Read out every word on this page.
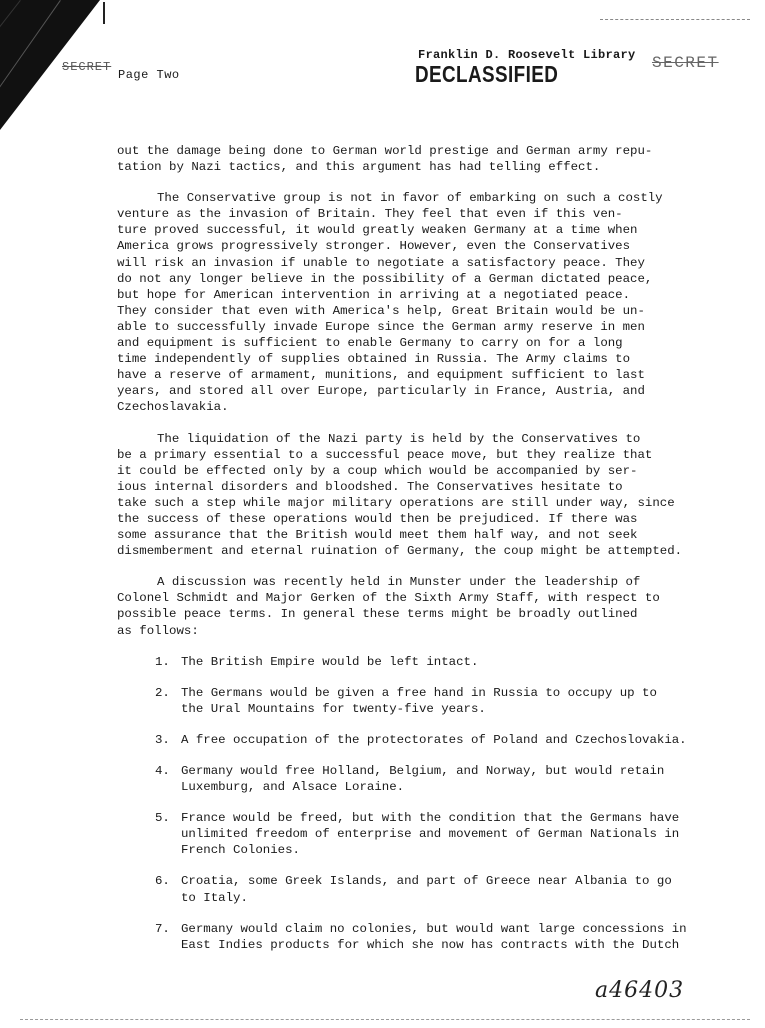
SECRET
Page Two
Franklin D. Roosevelt Library
DECLASSIFIED	SECRET
out the damage being done to German world prestige and German army repu-
tation by Nazi tactics, and this argument has had telling effect.
The Conservative group is not in favor of embarking on such a costly
venture as the invasion of Britain. They feel that even if this ven-
ture proved successful, it would greatly weaken Germany at a time when
America grows progressively stronger. However, even the Conservatives
will risk an invasion if unable to negotiate a satisfactory peace. They
do not any longer believe in the possibility of a German dictated peace,
but hope for American intervention in arriving at a negotiated peace.
They consider that even with America's help, Great Britain would be un-
able to successfully invade Europe since the German army reserve in men
and equipment is sufficient to enable Germany to carry on for a long
time independently of supplies obtained in Russia. The Army claims to
have a reserve of armament, munitions, and equipment sufficient to last
years, and stored all over Europe, particularly in France, Austria, and
Czechoslavakia.
The liquidation of the Nazi party is held by the Conservatives to
be a primary essential to a successful peace move, but they realize that
it could be effected only by a coup which would be accompanied by ser-
ious internal disorders and bloodshed. The Conservatives hesitate to
take such a step while major military operations are still under way, since
the success of these operations would then be prejudiced. If there was
some assurance that the British would meet them half way, and not seek
dismemberment and eternal ruination of Germany, the coup might be attempted.
A discussion was recently held in Munster under the leadership of
Colonel Schmidt and Major Gerken of the Sixth Army Staff, with respect to
possible peace terms. In general these terms might be broadly outlined
as follows:
1. The British Empire would be left intact.
2. The Germans would be given a free hand in Russia to occupy up to
the Ural Mountains for twenty-five years.
3. A free occupation of the protectorates of Poland and Czechoslovakia.
4. Germany would free Holland, Belgium, and Norway, but would retain
Luxemburg, and Alsace Loraine.
5. France would be freed, but with the condition that the Germans have
unlimited freedom of enterprise and movement of German Nationals in
French Colonies.
6. Croatia, some Greek Islands, and part of Greece near Albania to go
to Italy.
7. Germany would claim no colonies, but would want large concessions in
East Indies products for which she now has contracts with the Dutch
a46403
